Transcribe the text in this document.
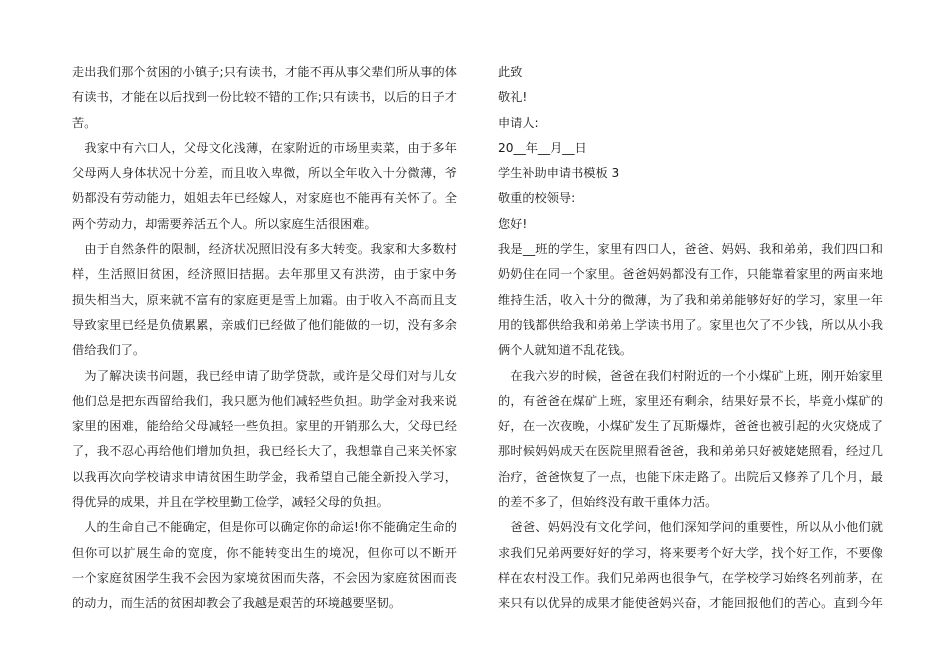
走出我们那个贫困的小镇子;只有读书，才能不再从事父辈们所从事的体
有读书，才能在以后找到一份比较不错的工作;只有读书，以后的日子才
苦。
　我家中有六口人，父母文化浅薄，在家附近的市场里卖菜，由于多年
父母两人身体状况十分差，而且收入卑微，所以全年收入十分微薄，爷
奶都没有劳动能力，姐姐去年已经嫁人，对家庭也不能再有关怀了。全
两个劳动力，却需要养活五个人。所以家庭生活很困难。
　由于自然条件的限制，经济状况照旧没有多大转变。我家和大多数村
样，生活照旧贫困，经济照旧拮据。去年那里又有洪涝，由于家中务
损失相当大，原来就不富有的家庭更是雪上加霜。由于收入不高而且支
导致家里已经是负债累累，亲戚们已经做了他们能做的一切，没有多余
借给我们了。
　为了解决读书问题，我已经申请了助学贷款，或许是父母们对与儿女
他们总是把东西留给我们，我只愿为他们减轻些负担。助学金对我来说
家里的困难，能给给父母减轻一些负担。家里的开销那么大，父母已经
了，我不忍心再给他们增加负担，我已经长大了，我想靠自己来关怀家
以我再次向学校请求申请贫困生助学金，我希望自己能全新投入学习，
得优异的成果，并且在学校里勤工俭学，减轻父母的负担。
　人的生命自己不能确定，但是你可以确定你的命运!你不能确定生命的
但你可以扩展生命的宽度，你不能转变出生的境况，但你可以不断开
一个家庭贫困学生我不会因为家境贫困而失落，不会因为家庭贫困而丧
的动力，而生活的贫困却教会了我越是艰苦的环境越要坚韧。
此致
敬礼!
申请人:
20__年__月__日
学生补助申请书模板 3
敬重的校领导:
您好!
我是__班的学生，家里有四口人，爸爸、妈妈、我和弟弟，我们四口和
奶奶住在同一个家里。爸爸妈妈都没有工作，只能靠着家里的两亩来地
维持生活，收入十分的微薄，为了我和弟弟能够好好的学习，家里一年
用的钱都供给我和弟弟上学读书用了。家里也欠了不少钱，所以从小我
俩个人就知道不乱花钱。
　在我六岁的时候，爸爸在我们村附近的一个小煤矿上班，刚开始家里
的，有爸爸在煤矿上班，家里还有剩余，结果好景不长，毕竟小煤矿的
好，在一次夜晚，小煤矿发生了瓦斯爆炸，爸爸也被引起的火灾烧成了
那时候妈妈成天在医院里照看爸爸，我和弟弟只好被姥姥照看，经过几
治疗，爸爸恢复了一点，也能下床走路了。出院后又修养了几个月，最
的差不多了，但始终没有敢干重体力活。
　爸爸、妈妈没有文化学问，他们深知学问的重要性，所以从小他们就
求我们兄弟两要好好的学习，将来要考个好大学，找个好工作，不要像
样在农村没工作。我们兄弟两也很争气，在学校学习始终名列前茅，在
来只有以优异的成果才能使爸妈兴奋，才能回报他们的苦心。直到今年
